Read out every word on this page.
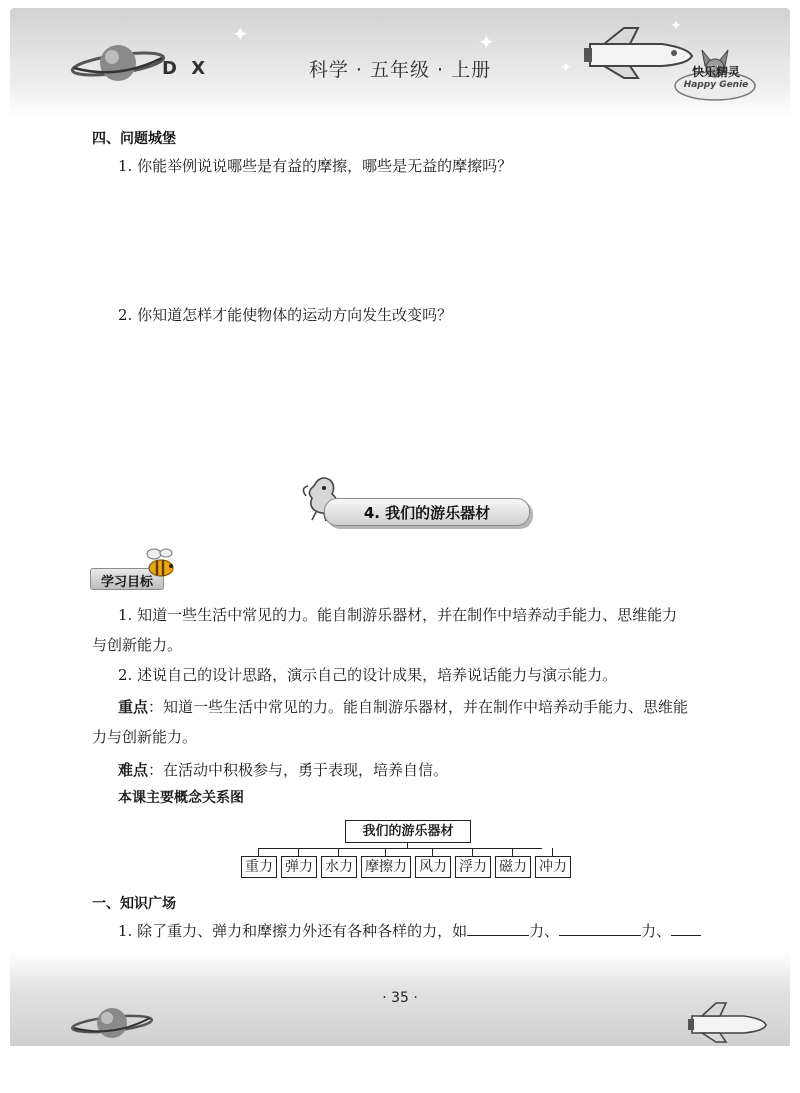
D X	科学 · 五年级 · 上册
✦	✦
✦
✦
快乐精灵
Happy Genie
四、问题城堡
1. 你能举例说说哪些是有益的摩擦，哪些是无益的摩擦吗？
2. 你知道怎样才能使物体的运动方向发生改变吗？
4. 我们的游乐器材
学习目标
1. 知道一些生活中常见的力。能自制游乐器材，并在制作中培养动手能力、思维能力
与创新能力。
2. 述说自己的设计思路，演示自己的设计成果，培养说话能力与演示能力。
重点：知道一些生活中常见的力。能自制游乐器材，并在制作中培养动手能力、思维能
力与创新能力。
难点：在活动中积极参与，勇于表现，培养自信。
本课主要概念关系图
我们的游乐器材
重力 弹力 水力 摩擦力 风力 浮力 磁力 冲力
一、知识广场
1. 除了重力、弹力和摩擦力外还有各种各样的力，如	力、	力、
· 35 ·
